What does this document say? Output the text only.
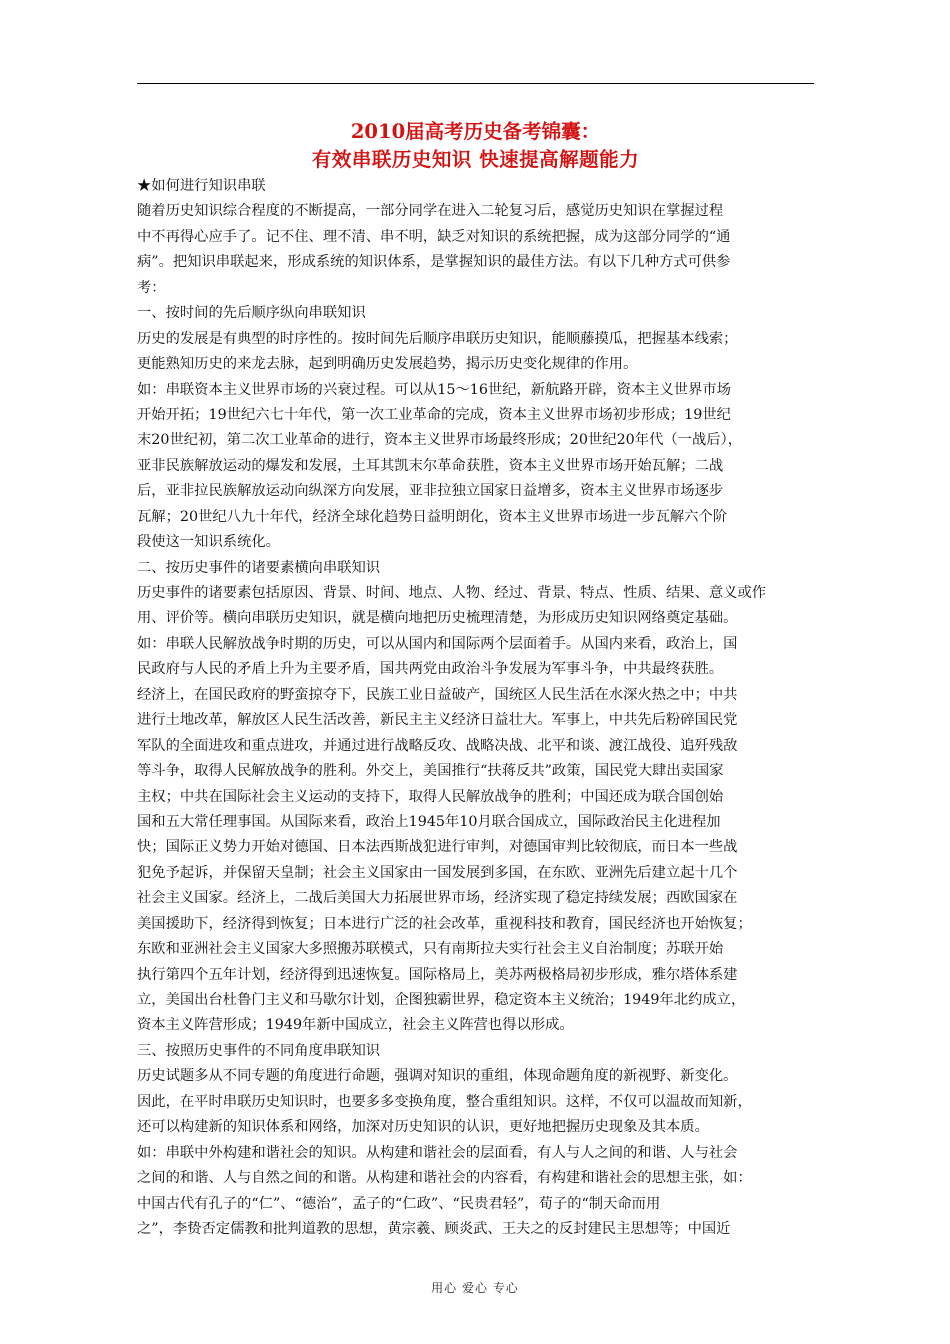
2010届高考历史备考锦囊：
有效串联历史知识 快速提高解题能力
★如何进行知识串联
随着历史知识综合程度的不断提高，一部分同学在进入二轮复习后，感觉历史知识在掌握过程
中不再得心应手了。记不住、理不清、串不明，缺乏对知识的系统把握，成为这部分同学的“通
病”。把知识串联起来，形成系统的知识体系，是掌握知识的最佳方法。有以下几种方式可供参
考：
一、按时间的先后顺序纵向串联知识
历史的发展是有典型的时序性的。按时间先后顺序串联历史知识，能顺藤摸瓜，把握基本线索；
更能熟知历史的来龙去脉，起到明确历史发展趋势，揭示历史变化规律的作用。
如：串联资本主义世界市场的兴衰过程。可以从15～16世纪，新航路开辟，资本主义世界市场
开始开拓；19世纪六七十年代，第一次工业革命的完成，资本主义世界市场初步形成；19世纪
末20世纪初，第二次工业革命的进行，资本主义世界市场最终形成；20世纪20年代（一战后），
亚非民族解放运动的爆发和发展，土耳其凯末尔革命获胜，资本主义世界市场开始瓦解；二战
后，亚非拉民族解放运动向纵深方向发展，亚非拉独立国家日益增多，资本主义世界市场逐步
瓦解；20世纪八九十年代，经济全球化趋势日益明朗化，资本主义世界市场进一步瓦解六个阶
段使这一知识系统化。
二、按历史事件的诸要素横向串联知识
历史事件的诸要素包括原因、背景、时间、地点、人物、经过、背景、特点、性质、结果、意义或作
用、评价等。横向串联历史知识，就是横向地把历史梳理清楚，为形成历史知识网络奠定基础。
如：串联人民解放战争时期的历史，可以从国内和国际两个层面着手。从国内来看，政治上，国
民政府与人民的矛盾上升为主要矛盾，国共两党由政治斗争发展为军事斗争，中共最终获胜。
经济上，在国民政府的野蛮掠夺下，民族工业日益破产，国统区人民生活在水深火热之中；中共
进行土地改革，解放区人民生活改善，新民主主义经济日益壮大。军事上，中共先后粉碎国民党
军队的全面进攻和重点进攻，并通过进行战略反攻、战略决战、北平和谈、渡江战役、追歼残敌
等斗争，取得人民解放战争的胜利。外交上，美国推行“扶蒋反共”政策，国民党大肆出卖国家
主权；中共在国际社会主义运动的支持下，取得人民解放战争的胜利；中国还成为联合国创始
国和五大常任理事国。从国际来看，政治上1945年10月联合国成立，国际政治民主化进程加
快；国际正义势力开始对德国、日本法西斯战犯进行审判，对德国审判比较彻底，而日本一些战
犯免予起诉，并保留天皇制；社会主义国家由一国发展到多国，在东欧、亚洲先后建立起十几个
社会主义国家。经济上，二战后美国大力拓展世界市场，经济实现了稳定持续发展；西欧国家在
美国援助下，经济得到恢复；日本进行广泛的社会改革，重视科技和教育，国民经济也开始恢复；
东欧和亚洲社会主义国家大多照搬苏联模式，只有南斯拉夫实行社会主义自治制度；苏联开始
执行第四个五年计划，经济得到迅速恢复。国际格局上，美苏两极格局初步形成，雅尔塔体系建
立，美国出台杜鲁门主义和马歇尔计划，企图独霸世界，稳定资本主义统治；1949年北约成立，
资本主义阵营形成；1949年新中国成立，社会主义阵营也得以形成。
三、按照历史事件的不同角度串联知识
历史试题多从不同专题的角度进行命题，强调对知识的重组，体现命题角度的新视野、新变化。
因此，在平时串联历史知识时，也要多多变换角度，整合重组知识。这样，不仅可以温故而知新，
还可以构建新的知识体系和网络，加深对历史知识的认识，更好地把握历史现象及其本质。
如：串联中外构建和谐社会的知识。从构建和谐社会的层面看，有人与人之间的和谐、人与社会
之间的和谐、人与自然之间的和谐。从构建和谐社会的内容看，有构建和谐社会的思想主张，如：
中国古代有孔子的“仁”、“德治”，孟子的“仁政”、“民贵君轻”，荀子的“制天命而用
之”，李贽否定儒教和批判道教的思想，黄宗羲、顾炎武、王夫之的反封建民主思想等；中国近
用心 爱心 专心
